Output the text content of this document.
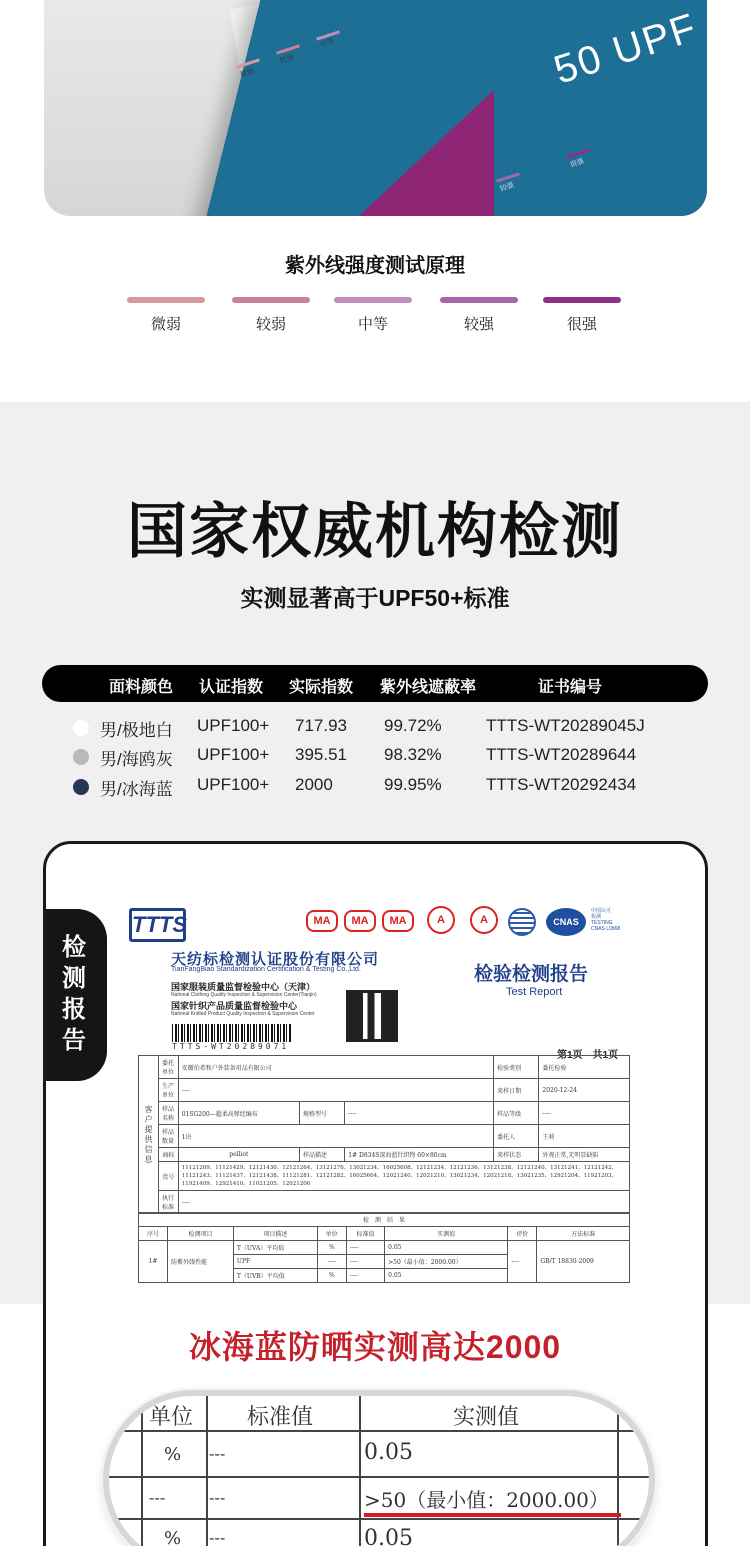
50 UPF
微弱
较弱
中等
较强
很强
紫外线强度测试原理
微弱	较弱	中等	较强	很强
国家权威机构检测
实测显著高于UPF50+标准
面料颜色 认证指数 实际指数 紫外线遮蔽率	证书编号
男/极地白 UPF100+ 717.93 99.72%	TTTS-WT20289045J
男/海鸥灰 UPF100+ 395.51 98.32%	TTTS-WT20289644
男/冰海蓝 UPF100+ 2000	99.95%	TTTS-WT20292434
TTTS	MA	MA	MA	A	A	CNAS
中国认可
检测
TESTING
CNAS L0868
天纺标检测认证股份有限公司
TianFangBiao Standardization Certification & Testing Co.,Ltd.
国家服装质量监督检验中心（天津）
National Clothing Quality Inspection & Supervision Center(Tianjin)
国家针织产品质量监督检验中心
National Knitted Product Quality Inspection & Supervision Center
检验检测报告
Test Report
TTTS-WT20289071
第1页　共1页
客户提供信息	委托单位	安徽伯希和户外装备用品有限公司			检验类别	委托检验
	生产单位	----			来样日期	2020-12-24
	样品名称	01SG200—超柔高弹经编布	规格型号	----	样品等级	----
	样品数量	1块			委托人	王莉
	商标	pelliot	样品描述	1# D834S深海蓝针织物 60×80cm	来样状态	外观正常,无明显缺陷
	货号	11121269、11121429、12121430、12121264、13121276、13021234、16025608、12121234、12121236、13121238、12121240、13121241、12121242、11121243、11121437、12121438、11121281、12121282、16025604、12021240、12021210、13021234、12021218、13021235、12921204、11921203、11921409、12921410、11021205、12021206				
	执行标准	----				
检　测　结　果							
序号	检测项目	项目描述	单位	标准值	实测值	评价	方法标准
1#	防紫外线性能	T（UVA）平均值	%	----	0.05	----	GB/T 18830-2009
		UPF	----	----	>50（最小值：2000.00）		
		T（UVB）平均值	%	----	0.05		
检
测
报
告
冰海蓝防晒实测高达2000
单位 标准值	实测值
% ---	0.05
---	---	>50（最小值：2000.00）
% ---	0.05
